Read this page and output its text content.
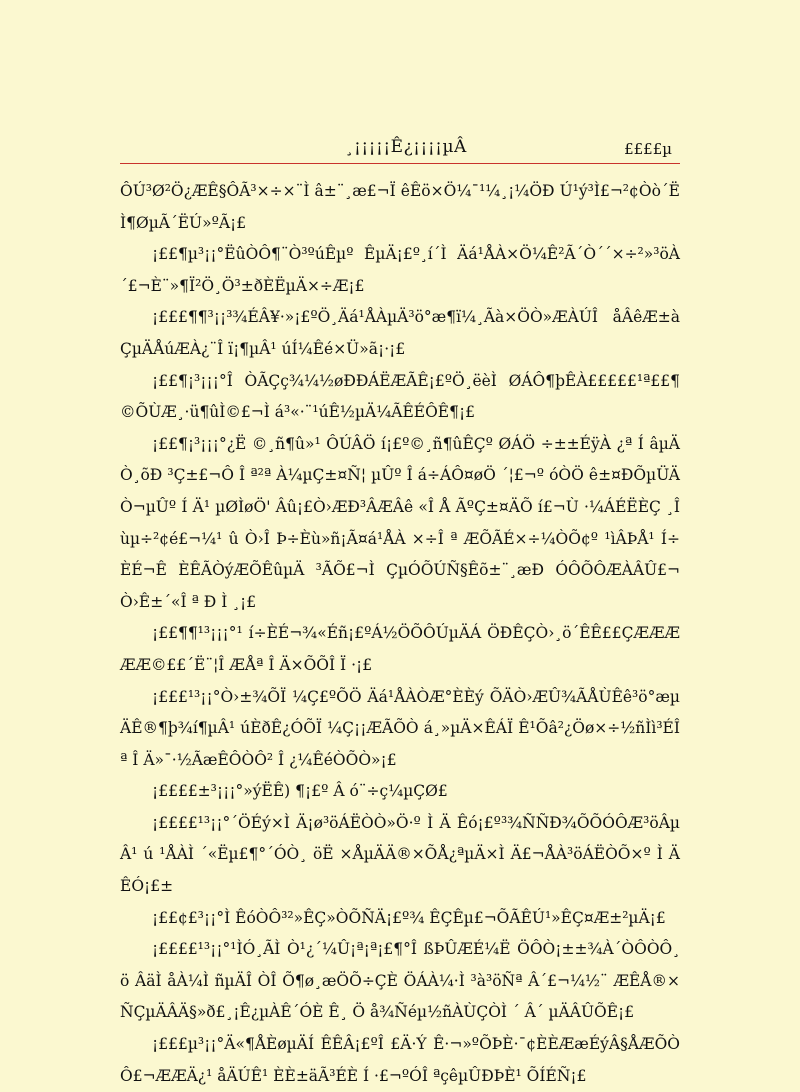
¸¡¡¡¡¡Ê¿¡¡¡¡µÂ	££££µ

ÔÚ³Ø²Ö¿ÆÊ§ÔÃ³×÷×¨Ì â±¨¸æ£¬Ï êÊö×Ö¼¯¹¼¸¡¼ÖÐ Ú¹ý³Ì£¬²¢Òò´ËÌ¶ØµÃ´ËÚ»ºÃ¡£

¡££¶µ³¡¡°ËûÒÔ¶¨Ò³ºúÊµº ÊµÄ¡£º¸í´Ì Äá¹ÅÀ×Ö¼Ê²Ã´Ò´´×÷²»³öÀ´£¬È¨»¶Ï²Ö¸Ö³±ðÈËµÄ×÷Æ¡£

¡£££¶¶³¡¡³¾ÉÂ¥·»¡£ºÖ¸Äá¹ÅÀµÄ³ö°æ¶ï¼¸Ãà×ÖÒ»ÆÀÚÎ åÂêÆ±àÇµÄÅúÆÀ¿¨Î ï¡¶µÂ¹ úÍ¼Êé×Ü»ã¡·¡£

¡££¶¡³¡¡¡°Î ÒÃÇç¾¼½øÐÐÁËÆÃÊ¡£ºÖ¸ëèÌ ØÁÔ¶þÊÀ£££££¹ª££¶©ÕÙÆ¸·ü¶ûÌ©£¬Ì á³«·¨¹úÊ½µÄ¼ÃÊÉÔÊ¶¡£

¡££¶¡³¡¡¡°¿Ë ©¸ñ¶û»¹ ÔÚÂÖ í¡£º©¸ñ¶ûÊÇº ØÁÖ ÷±±ÉÿÀ ¿ª Í âµÄÒ¸õÐ ³Ç±£¬Ô Î ª²ª À¼µÇ±¤Ñ¦ µÛº Î á÷ÁÔ¤øÖ ´¦£¬º óÒÖ ê±¤ÐÕµÜÄÒ¬µÛº Í Ä¹ µØÌøÖ' Âû¡£Ò›ÆÐ³ÂÆÂê «Î Å ÃºÇ±¤ÄÕ í£¬Ù ·¼ÁÉËÈÇ ¸Î ùµ÷²¢é£¬¼¹ û Ò›Î Þ÷Èù»ñ¡Ã¤á¹ÅÀ ×÷Î ª ÆÕÃÉ×÷¼ÒÕ¢º ¹ìÂÞÅ¹ Í÷ÈÉ¬Ê ÈÊÃÒýÆÕÊûµÄ ³ÃÕ£¬Ì ÇµÓÕÚÑ§Êõ±¨¸æÐ ÓÔÕÔÆÀÂÛ£¬Ò›Ê±´«Î ª Ð Ì ¸¡£

¡££¶¶¹³¡¡¡°¹ í÷ÈÉ¬¾«Éñ¡£ºÁ½ÖÕÔÚµÄÁ ÖÐÊÇÒ›¸ö´ÊÊ££ÇÆÆÆÆÆ©££´Ë¨¦Î ÆÅª Î Ä×ÕÕÎ Ï ·¡£

¡£££¹³¡¡°Ò›±¾ÕÏ ¼Ç£ºÕÖ Äá¹ÅÀÒÆ°ÈÈý ÕÄÒ›ÆÛ¾ÃÅÙÊê³ö°æµÄÊ®¶þ¾í¶µÂ¹ úÈðÊ¿ÓÕÏ ¼Ç¡¡ÆÃÕÒ á¸»µÄ×ÊÁÏ Ê¹Õâ²¿Öø×÷½ñÌì³ÉÎ ª Î Ä»¯·½ÃæÊÔÒÔ² Î ¿¼ÊéÒÕÒ»¡£

¡££££±³¡¡¡°»ýËÊ) ¶¡£º Â ó¨÷ç¼µÇØ£

¡££££¹³¡¡°´ÖÉý×Ì Ä¡ø³öÁËÒÒ»Ö·º Ì Ä Êó¡£º³¾ÑÑÐ¾ÕÕÓÔÆ³öÂµÂ¹ ú ¹ÅÀÌ ´«Ëµ£¶°´ÓÒ¸ öË ×ÅµÄÄ®×ÕÅ¿ªµÄ×Ì Ä£¬ÅÀ³öÁËÒÕ×º Ì Ä ÊÓ¡£±

¡££¢£³¡¡°Ì ÊóÒÔ³²»ÊÇ»ÒÕÑÄ¡£º¾ ÊÇÊµ£¬ÕÃÊÚ¹»ÊÇ¤Æ±²µÄ¡£

¡££££¹³¡¡°¹ÌÓ¸ÃÌ Ò¹¿´¼Û¡ª¡ª¡£¶°Î ßÞÛÆÉ¼Ë ÖÔÒ¡±±¾À´ÒÔÒÔ¸ö ÂäÌ åÀ¼Ì ñµÄÎ ÒÎ Õ¶ø¸æÖÕ÷ÇÈ ÖÁÀ¼·Ì ³à³öÑª Â´£¬¼½¨ ÆÊÅ®×ÑÇµÄÂÄ§»ð£¸¡Ê¿µÀÊ´ÓÈ Ê¸ Ö å¾Ñéµ½ñÀÙÇÒÌ ´ Â´ µÄÂÛÕÊ¡£

¡£££µ³¡¡°Ä«¶ÅÈøµÄÍ ÊÊÂ¡£ºÎ £Ä·Ý Ê·¬»ºÕÞÈ·¯¢ÈÈÆæÉýÂ§ÅÆÕÒÔ£¬ÆÆÄ¿¹ åÄÚÊ¹ ÈÈ±äÃ³ÉÈ Í ·£¬ºÓÎ ªçêµÛÐÞÈ¹ ÕÍÉÑ¡£
